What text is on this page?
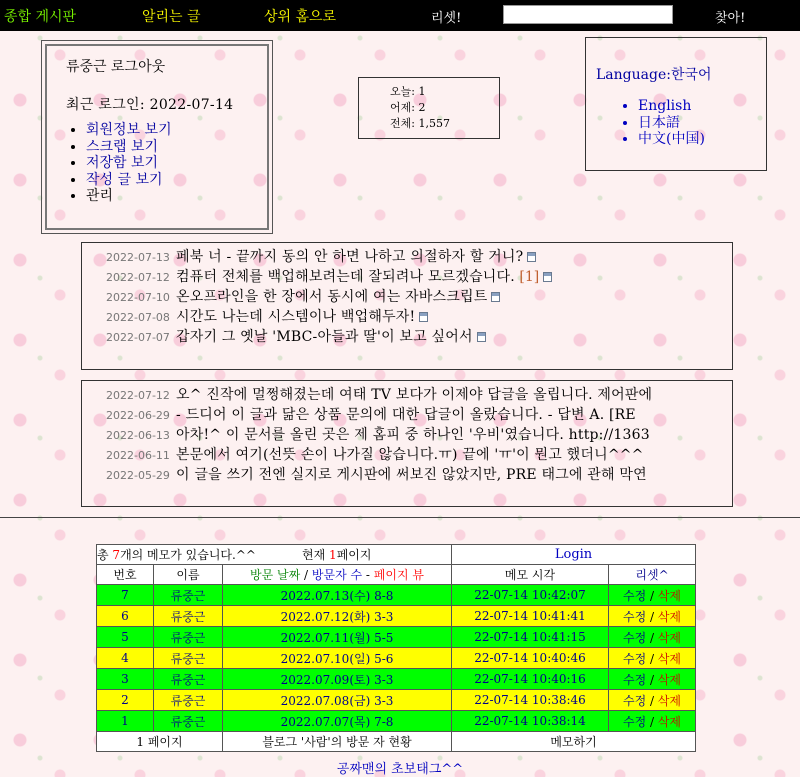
종합 게시판	알리는 글	상위 홈으로	리셋!	찾아!
류중근 로그아웃
최근 로그인: 2022-07-14
• 회원정보 보기
• 스크랩 보기
• 저장함 보기
• 작성 글 보기
• 관리
오늘: 1
어제: 2
전체: 1,557
Language:한국어
• English
• 日本語
• 中文(中国)
2022-07-13 페북 너 - 끝까지 동의 안 하면 나하고 의절하자 할 거니?
2022-07-12 컴퓨터 전체를 백업해보려는데 잘되려나 모르겠습니다. [1]
2022-07-10 온오프라인을 한 장에서 동시에 여는 자바스크립트
2022-07-08 시간도 나는데 시스템이나 백업해두자!
2022-07-07 갑자기 그 옛날 'MBC-아들과 딸'이 보고 싶어서
2022-07-12 오^ 진작에 멀쩡해졌는데 여태 TV 보다가 이제야 답글을 올립니다. 제어판에
2022-06-29 - 드디어 이 글과 닮은 상품 문의에 대한 답글이 올랐습니다. - 답변 A. [RE
2022-06-13 아차!^ 이 문서를 올린 곳은 제 홈피 중 하나인 '우비'였습니다. http://1363
2022-06-11 본문에서 여기(선뜻 손이 나가질 않습니다.ㅠ) 끝에 'ㅠ'이 뭔고 했더니^^^
2022-05-29 이 글을 쓰기 전엔 실지로 게시판에 써보진 않았지만, PRE 태그에 관해 막연
총 7개의 메모가 있습니다.^^		현재 1페이지	Login	
번호	이름	방문 날짜 / 방문자 수 - 페이지 뷰	메모 시각	리셋^
7	류중근	2022.07.13(수) 8-8	22-07-14 10:42:07	수정 / 삭제
6	류중근	2022.07.12(화) 3-3	22-07-14 10:41:41	수정 / 삭제
5	류중근	2022.07.11(월) 5-5	22-07-14 10:41:15	수정 / 삭제
4	류중근	2022.07.10(일) 5-6	22-07-14 10:40:46	수정 / 삭제
3	류중근	2022.07.09(토) 3-3	22-07-14 10:40:16	수정 / 삭제
2	류중근	2022.07.08(금) 3-3	22-07-14 10:38:46	수정 / 삭제
1	류중근	2022.07.07(목) 7-8	22-07-14 10:38:14	수정 / 삭제
1 페이지		블로그 '사람'의 방문 자 현황	메모하기	
공짜맨의 초보태그^^
